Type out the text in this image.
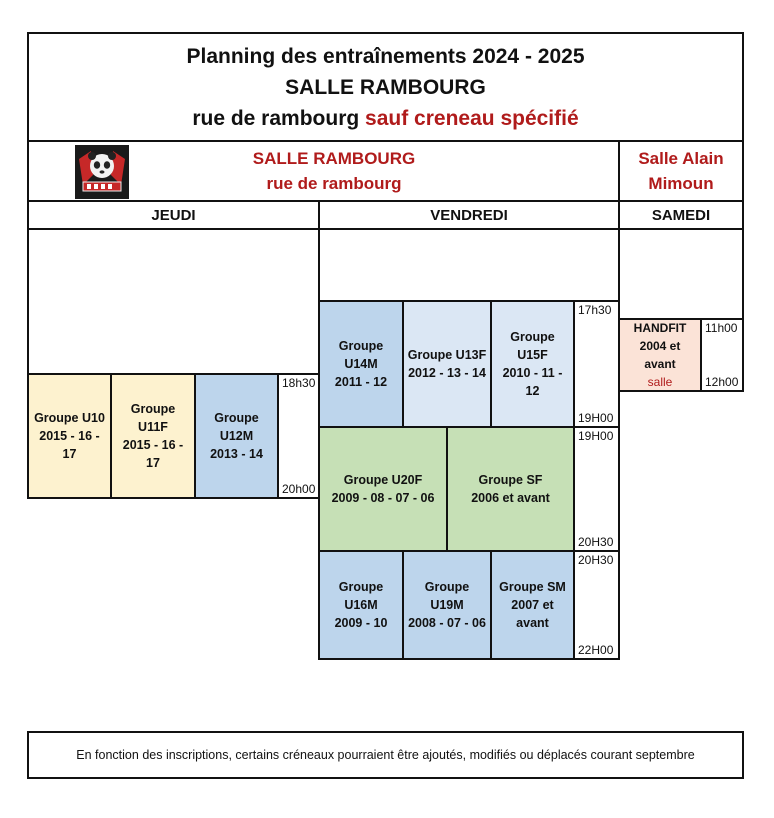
Planning des entraînements 2024 - 2025
SALLE RAMBOURG
rue de rambourg sauf creneau spécifié
SALLE RAMBOURG
rue de rambourg
Salle Alain
Mimoun
JEUDI	VENDREDI	SAMEDI
Groupe U10
2015 - 16 -
17
Groupe U11F
2015 - 16 -
17
Groupe
U12M
2013 - 14
18h30
20h00
Groupe
U14M
2011 - 12
Groupe U13F
2012 - 13 - 14
Groupe U15F
2010 - 11 -
12
17h30
19H00
Groupe U20F
2009 - 08 - 07 - 06
Groupe SF
2006 et avant
19H00
20H30
Groupe
U16M
2009 - 10
Groupe U19M
2008 - 07 - 06
Groupe SM
2007 et
avant
20H30
22H00
HANDFIT
2004 et
avant
salle
11h00
12h00
En fonction des inscriptions, certains créneaux pourraient être ajoutés, modifiés ou déplacés courant septembre
